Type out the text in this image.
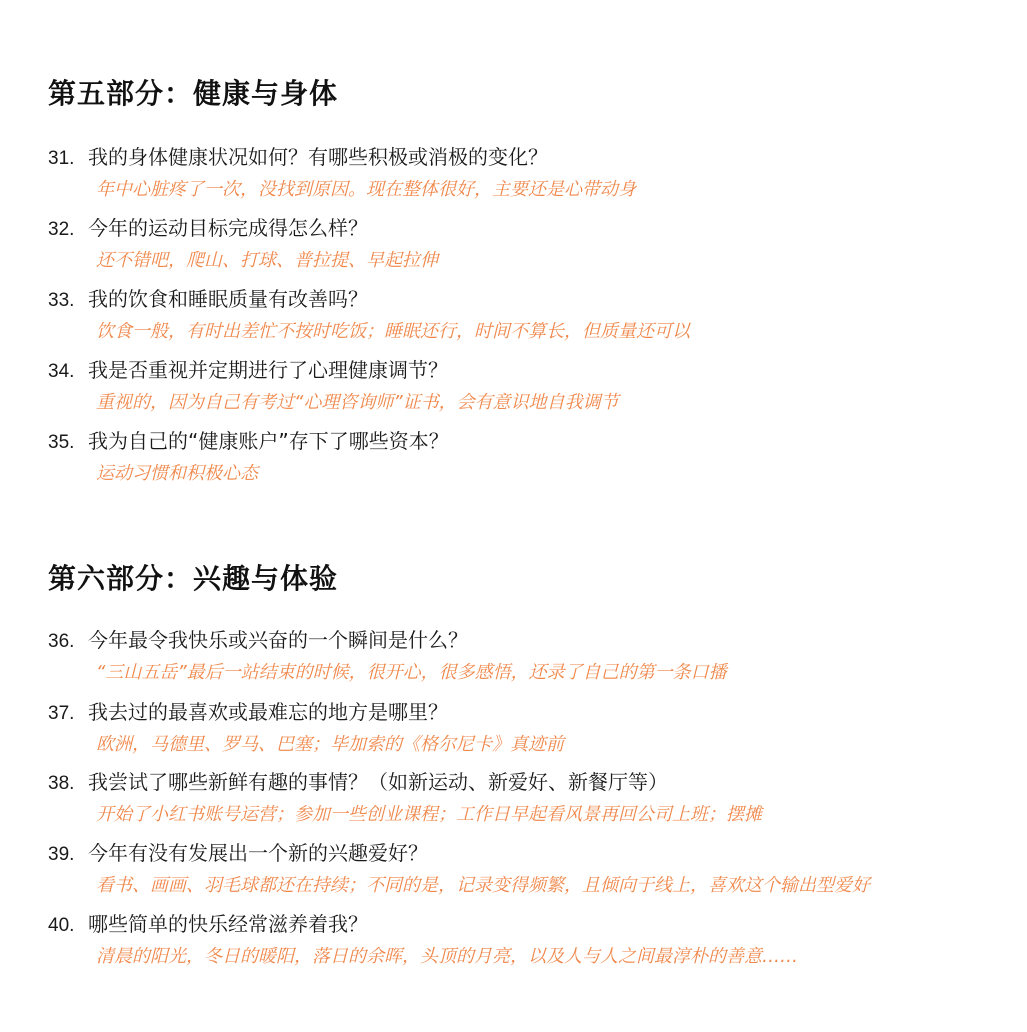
第五部分：健康与身体
31. 我的身体健康状况如何？有哪些积极或消极的变化？
年中心脏疼了一次，没找到原因。现在整体很好，主要还是心带动身
32. 今年的运动目标完成得怎么样？
还不错吧，爬山、打球、普拉提、早起拉伸
33. 我的饮食和睡眠质量有改善吗？
饮食一般，有时出差忙不按时吃饭；睡眠还行，时间不算长，但质量还可以
34. 我是否重视并定期进行了心理健康调节？
重视的，因为自己有考过“心理咨询师”证书，会有意识地自我调节
35. 我为自己的“健康账户”存下了哪些资本？
运动习惯和积极心态
第六部分：兴趣与体验
36. 今年最令我快乐或兴奋的一个瞬间是什么？
“三山五岳”最后一站结束的时候，很开心，很多感悟，还录了自己的第一条口播
37. 我去过的最喜欢或最难忘的地方是哪里？
欧洲，马德里、罗马、巴塞；毕加索的《格尔尼卡》真迹前
38. 我尝试了哪些新鲜有趣的事情？（如新运动、新爱好、新餐厅等）
开始了小红书账号运营；参加一些创业课程；工作日早起看风景再回公司上班；摆摊
39. 今年有没有发展出一个新的兴趣爱好？
看书、画画、羽毛球都还在持续；不同的是，记录变得频繁，且倾向于线上，喜欢这个输出型爱好
40. 哪些简单的快乐经常滋养着我？
清晨的阳光，冬日的暖阳，落日的余晖，头顶的月亮，以及人与人之间最淳朴的善意……
